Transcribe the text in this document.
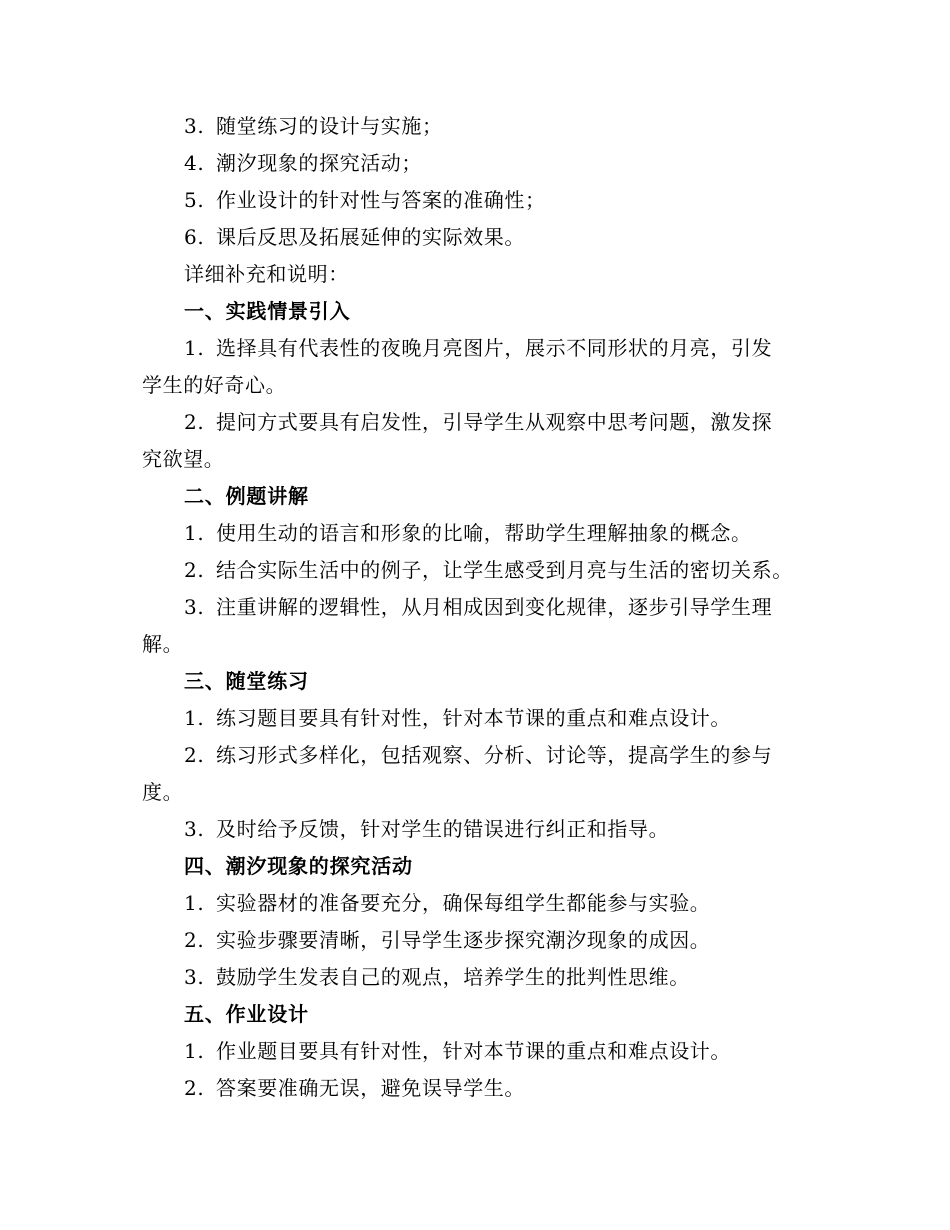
3. 随堂练习的设计与实施；
4. 潮汐现象的探究活动；
5. 作业设计的针对性与答案的准确性；
6. 课后反思及拓展延伸的实际效果。
详细补充和说明：
一、实践情景引入
1. 选择具有代表性的夜晚月亮图片，展示不同形状的月亮，引发
学生的好奇心。
2. 提问方式要具有启发性，引导学生从观察中思考问题，激发探
究欲望。
二、例题讲解
1. 使用生动的语言和形象的比喻，帮助学生理解抽象的概念。
2. 结合实际生活中的例子，让学生感受到月亮与生活的密切关系。
3. 注重讲解的逻辑性，从月相成因到变化规律，逐步引导学生理
解。
三、随堂练习
1. 练习题目要具有针对性，针对本节课的重点和难点设计。
2. 练习形式多样化，包括观察、分析、讨论等，提高学生的参与
度。
3. 及时给予反馈，针对学生的错误进行纠正和指导。
四、潮汐现象的探究活动
1. 实验器材的准备要充分，确保每组学生都能参与实验。
2. 实验步骤要清晰，引导学生逐步探究潮汐现象的成因。
3. 鼓励学生发表自己的观点，培养学生的批判性思维。
五、作业设计
1. 作业题目要具有针对性，针对本节课的重点和难点设计。
2. 答案要准确无误，避免误导学生。
